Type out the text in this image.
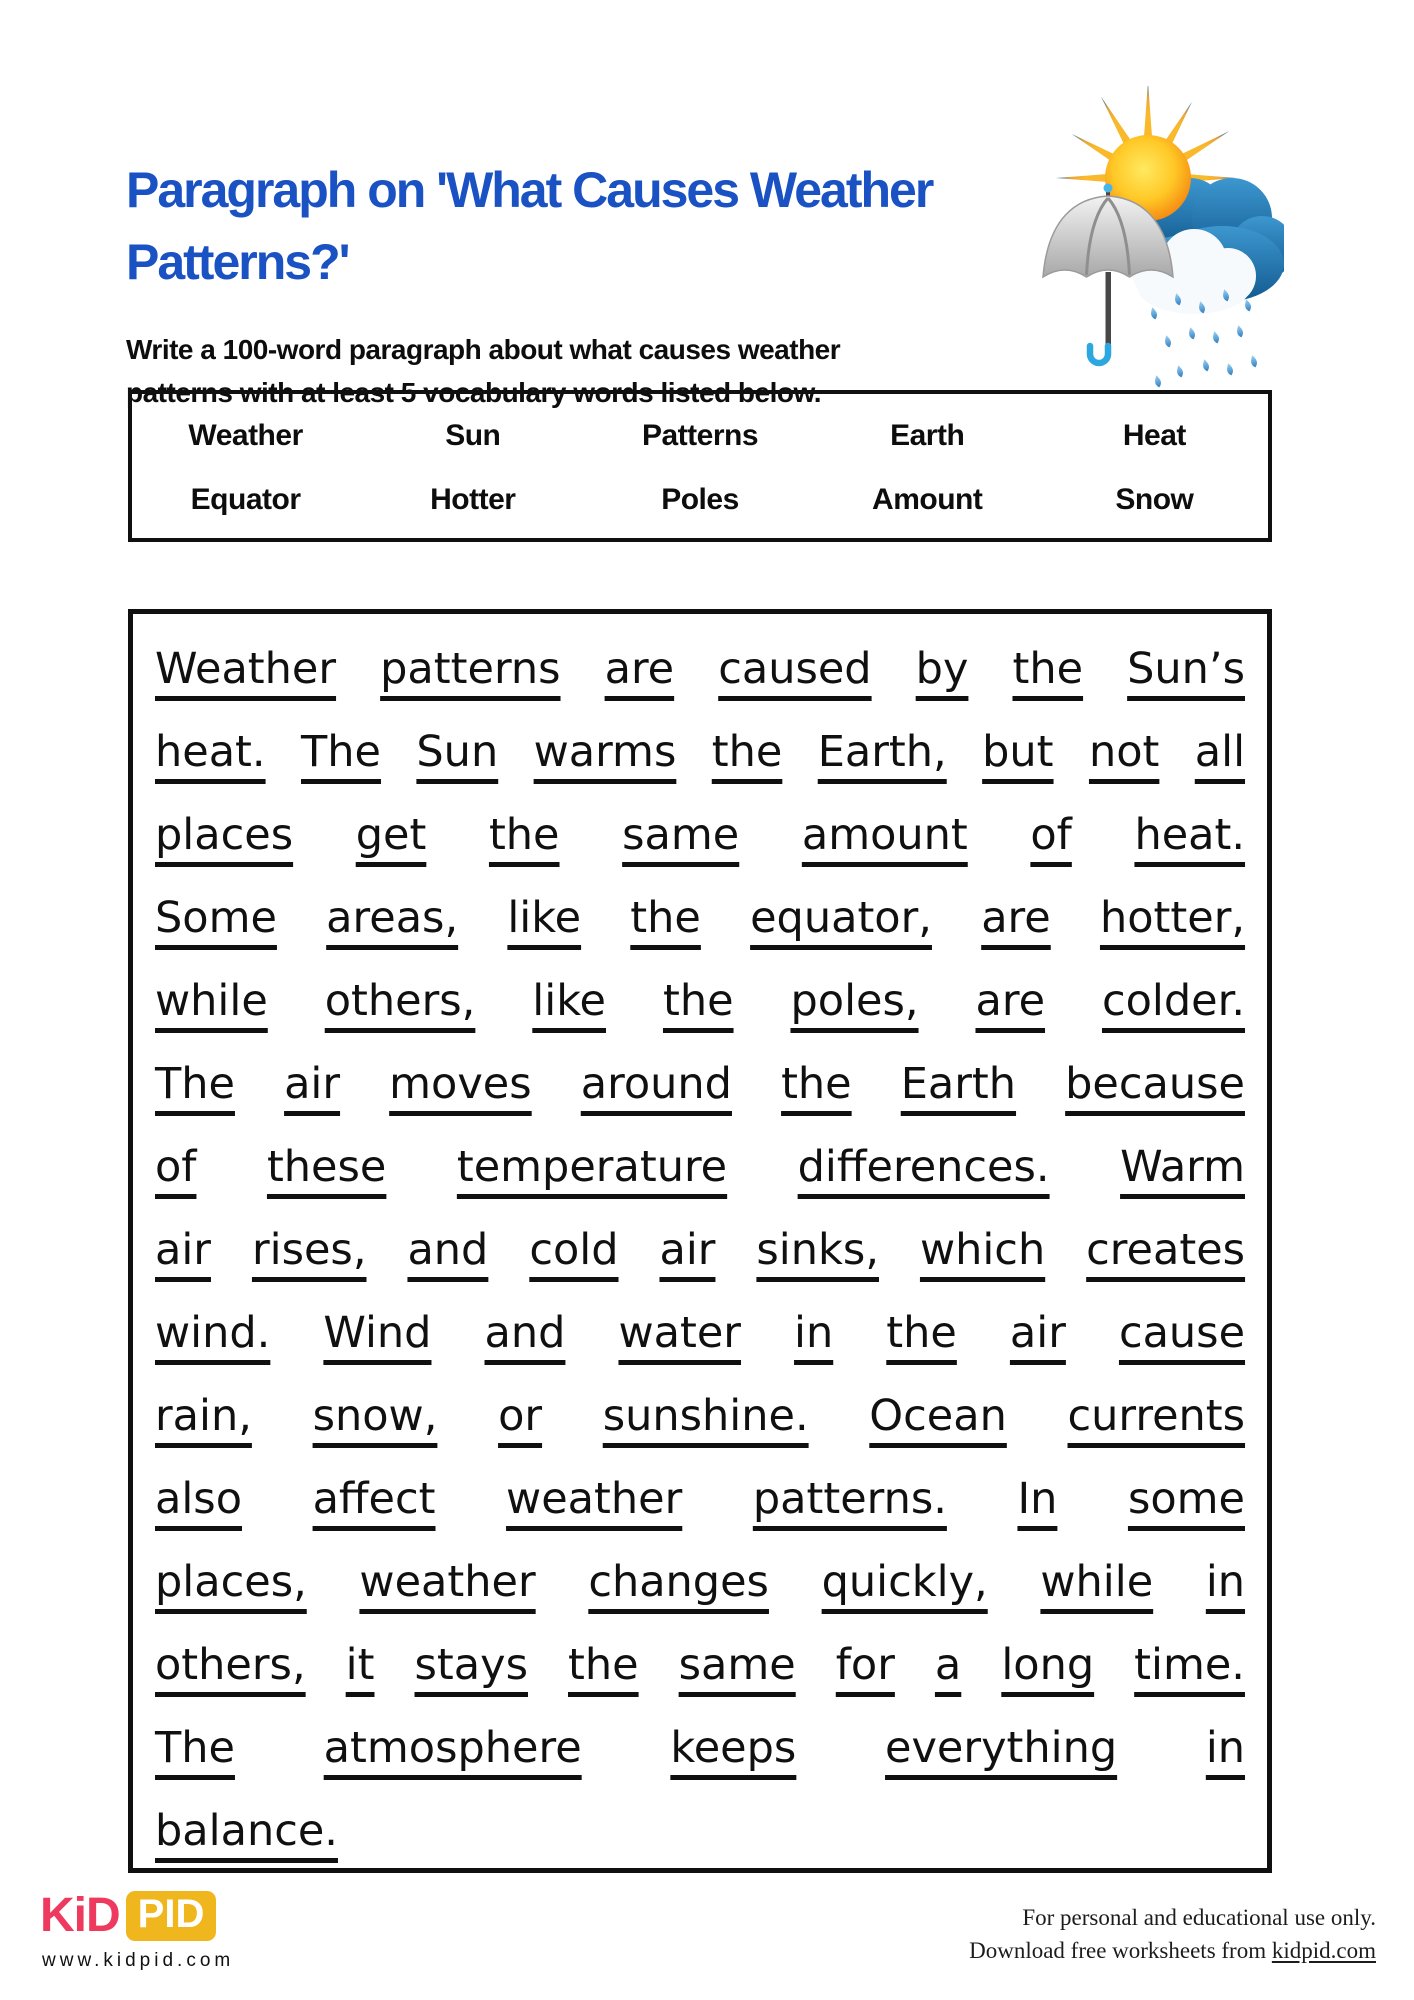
Paragraph on 'What Causes Weather Patterns?'

Write a 100-word paragraph about what causes weather patterns with at least 5 vocabulary words listed below.

Weather	Sun	Patterns	Earth	Heat
Equator	Hotter	Poles	Amount	Snow
Weather patterns are caused by the Sun’s
heat. The Sun warms the Earth, but not all
places get the same amount of heat.
Some areas, like the equator, are hotter,
while others, like the poles, are colder.
The air moves around the Earth because
of these temperature differences. Warm
air rises, and cold air sinks, which creates
wind. Wind and water in the air cause
rain, snow, or sunshine. Ocean currents
also affect weather patterns. In some
places, weather changes quickly, while in
others, it stays the same for a long time.
The atmosphere keeps everything in
balance.
KiD PID
www.kidpid.com
For personal and educational use only.
Download free worksheets from kidpid.com
